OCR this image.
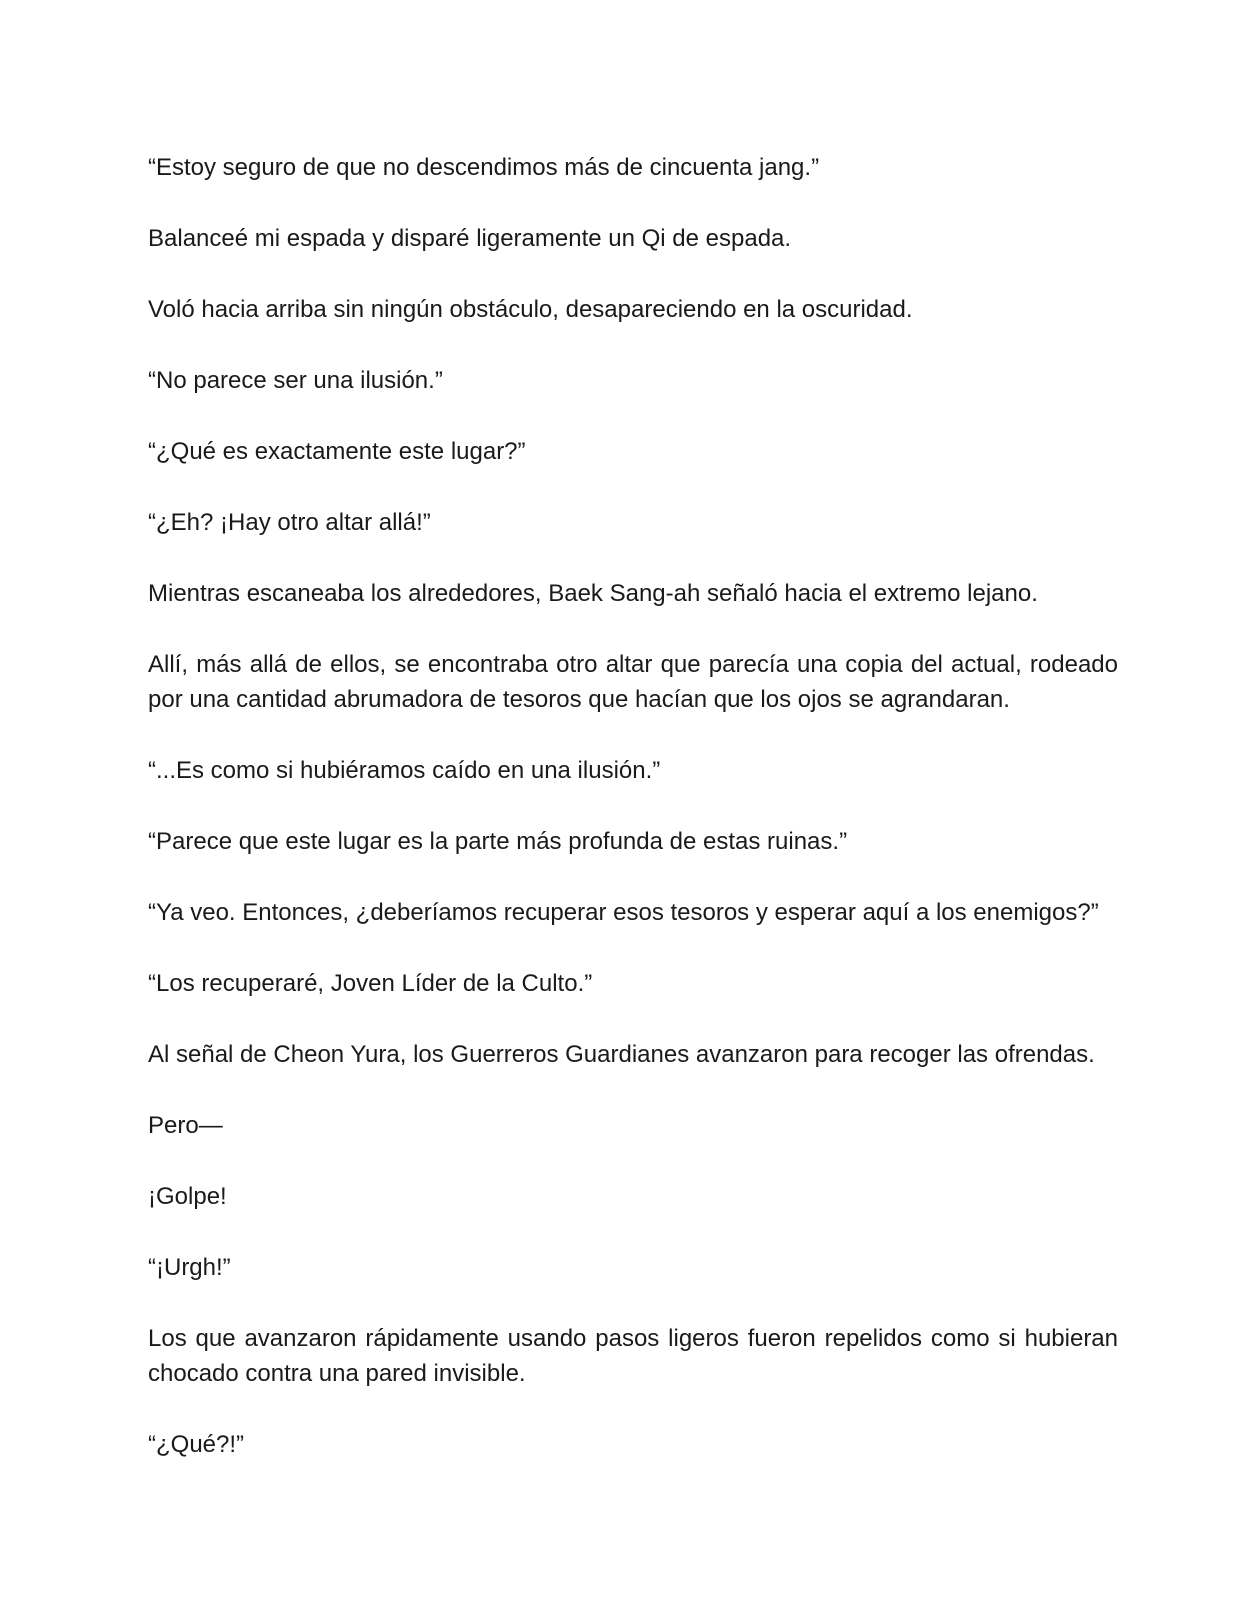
“Estoy seguro de que no descendimos más de cincuenta jang.”

Balanceé mi espada y disparé ligeramente un Qi de espada.

Voló hacia arriba sin ningún obstáculo, desapareciendo en la oscuridad.

“No parece ser una ilusión.”

“¿Qué es exactamente este lugar?”

“¿Eh? ¡Hay otro altar allá!”

Mientras escaneaba los alrededores, Baek Sang-ah señaló hacia el extremo lejano.

Allí, más allá de ellos, se encontraba otro altar que parecía una copia del actual, rodeado por una cantidad abrumadora de tesoros que hacían que los ojos se agrandaran.

“...Es como si hubiéramos caído en una ilusión.”

“Parece que este lugar es la parte más profunda de estas ruinas.”

“Ya veo. Entonces, ¿deberíamos recuperar esos tesoros y esperar aquí a los enemigos?”

“Los recuperaré, Joven Líder de la Culto.”

Al señal de Cheon Yura, los Guerreros Guardianes avanzaron para recoger las ofrendas.

Pero—

¡Golpe!

“¡Urgh!”

Los que avanzaron rápidamente usando pasos ligeros fueron repelidos como si hubieran chocado contra una pared invisible.

“¿Qué?!”
